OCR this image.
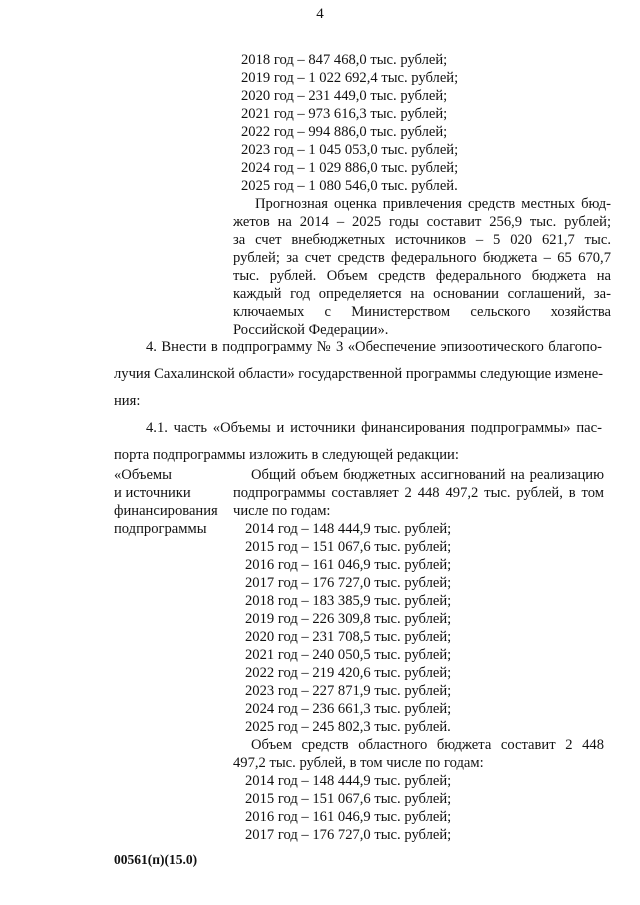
4
2018 год – 847 468,0 тыс. рублей;
2019 год – 1 022 692,4 тыс. рублей;
2020 год – 231 449,0 тыс. рублей;
2021 год – 973 616,3 тыс. рублей;
2022 год – 994 886,0 тыс. рублей;
2023 год – 1 045 053,0 тыс. рублей;
2024 год – 1 029 886,0 тыс. рублей;
2025 год – 1 080 546,0 тыс. рублей.
Прогнозная оценка привлечения средств местных бюд-
жетов на 2014 – 2025 годы составит 256,9 тыс. рублей;
за счет внебюджетных источников – 5 020 621,7 тыс.
рублей; за счет средств федерального бюджета – 65 670,7
тыс. рублей. Объем средств федерального бюджета на
каждый год определяется на основании соглашений, за-
ключаемых с Министерством сельского хозяйства
Российской Федерации».
4. Внести в подпрограмму № 3 «Обеспечение эпизоотического благопо-
лучия Сахалинской области» государственной программы следующие измене-
ния:
4.1. часть «Объемы и источники финансирования подпрограммы» пас-
порта подпрограммы изложить в следующей редакции:
«Объемы
и источники
финансирования
подпрограммы
Общий объем бюджетных ассигнований на реализацию
подпрограммы составляет 2 448 497,2 тыс. рублей, в том
числе по годам:
2014 год – 148 444,9 тыс. рублей;
2015 год – 151 067,6 тыс. рублей;
2016 год – 161 046,9 тыс. рублей;
2017 год – 176 727,0 тыс. рублей;
2018 год – 183 385,9 тыс. рублей;
2019 год – 226 309,8 тыс. рублей;
2020 год – 231 708,5 тыс. рублей;
2021 год – 240 050,5 тыс. рублей;
2022 год – 219 420,6 тыс. рублей;
2023 год – 227 871,9 тыс. рублей;
2024 год – 236 661,3 тыс. рублей;
2025 год – 245 802,3 тыс. рублей.
Объем средств областного бюджета составит 2 448
497,2 тыс. рублей, в том числе по годам:
2014 год – 148 444,9 тыс. рублей;
2015 год – 151 067,6 тыс. рублей;
2016 год – 161 046,9 тыс. рублей;
2017 год – 176 727,0 тыс. рублей;
00561(п)(15.0)
